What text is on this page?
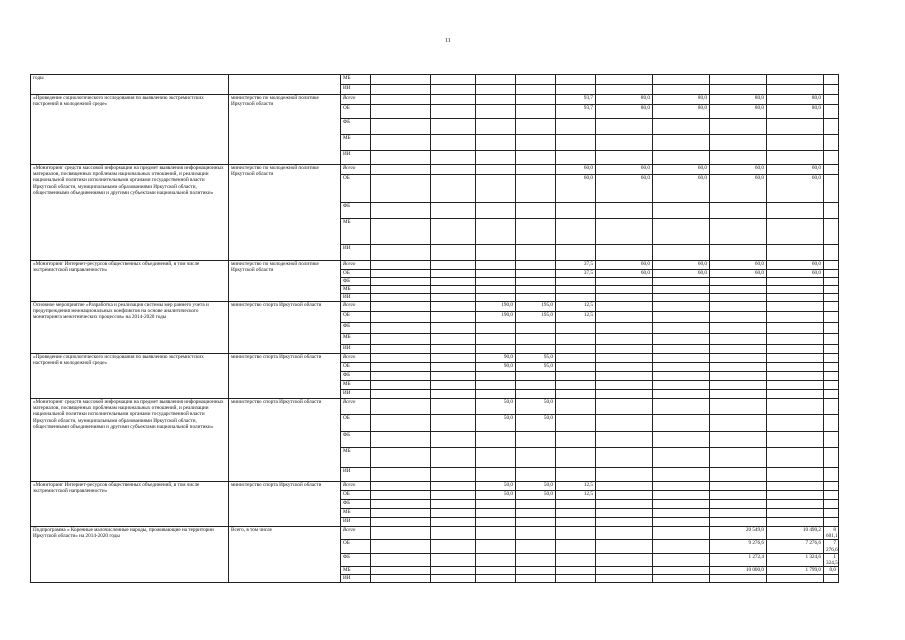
11
годы		МБ										
		ИИ										
«Проведение социологического исследования по выявлению экстремистских настроений в молодежной среде»	министерство по молодежной политике Иркутской области	Всего					93,7	80,0	80,0	80,0	80,0	
		ОБ					93,7	80,0	80,0	80,0	80,0	
		ФБ										
		МБ										
		ИИ										
«Мониторинг средств массовой информации на предмет выявления информационных материалов, посвященных проблемам национальных отношений, и реализации национальной политики исполнительными органами государственной власти Иркутской области, муниципальными образованиями Иркутской области, общественными объединениями и другими субъектами национальной политики»	министерство по молодежной политике Иркутской области	Всего					60,0	60,0	60,0	60,0	60,0	
		ОБ					60,0	60,0	60,0	60,0	60,0	
		ФБ										
		МБ										
		ИИ										
«Мониторинг Интернет-ресурсов общественных объединений, в том числе экстремистской направленности»	министерство по молодежной политике Иркутской области	Всего					37,5	60,0	60,0	60,0	60,0	
		ОБ					37,5	60,0	60,0	60,0	60,0	
		ФБ										
		МБ										
		ИИ										
Основное мероприятие «Разработка и реализация системы мер раннего учета и предупреждения межнациональных конфликтов на основе аналитического мониторинга межэтнических процессов» на 2014-2020 годы	министерство спорта Иркутской области	Всего			190,0	195,0	12,5					
		ОБ			190,0	195,0	12,5					
		ФБ										
		МБ										
		ИИ										
«Проведение социологического исследования по выявлению экстремистских настроений в молодежной среде»	министерство спорта Иркутской области	Всего			90,0	95,0						
		ОБ			90,0	95,0						
		ФБ										
		МБ										
		ИИ										
«Мониторинг средств массовой информации на предмет выявления информационных материалов, посвященных проблемам национальных отношений, и реализации национальной политики исполнительными органами государственной власти Иркутской области, муниципальными образованиями Иркутской области, общественными объединениями и другими субъектами национальной политики»	министерство спорта Иркутской области	Всего			50,0	50,0						
		ОБ			50,0	50,0						
		ФБ										
		МБ										
		ИИ										
«Мониторинг Интернет-ресурсов общественных объединений, в том числе экстремистской направленности»	министерство спорта Иркутской области	Всего			50,0	50,0	12,5					
		ОБ			50,0	50,0	12,5					
		ФБ										
		МБ										
		ИИ										
Подпрограмма « Коренные малочисленные народы, проживающие на территории Иркутской области» на 2014-2020 годы	Всего, в том числе	Всего								20 549,0	10 490,2	8 601,1
		ОБ								9 276,6	7 276,6	7 276,6
		ФБ								1 272,4	1 324,6	1 324,5
		МБ								10 000,0	1 799,0	0,0
		ИИ										
